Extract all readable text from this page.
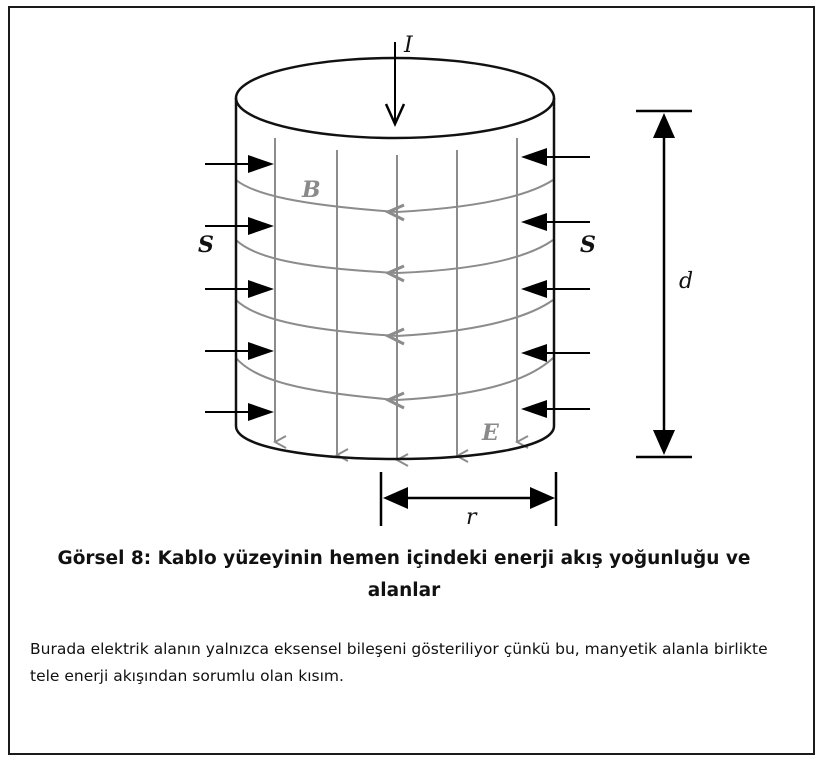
I
B
E
S	S
d
r
Görsel 8: Kablo yüzeyinin hemen içindeki enerji akış yoğunluğu ve alanlar
Burada elektrik alanın yalnızca eksensel bileşeni gösteriliyor çünkü bu, manyetik alanla birlikte tele enerji akışından sorumlu olan kısım.
